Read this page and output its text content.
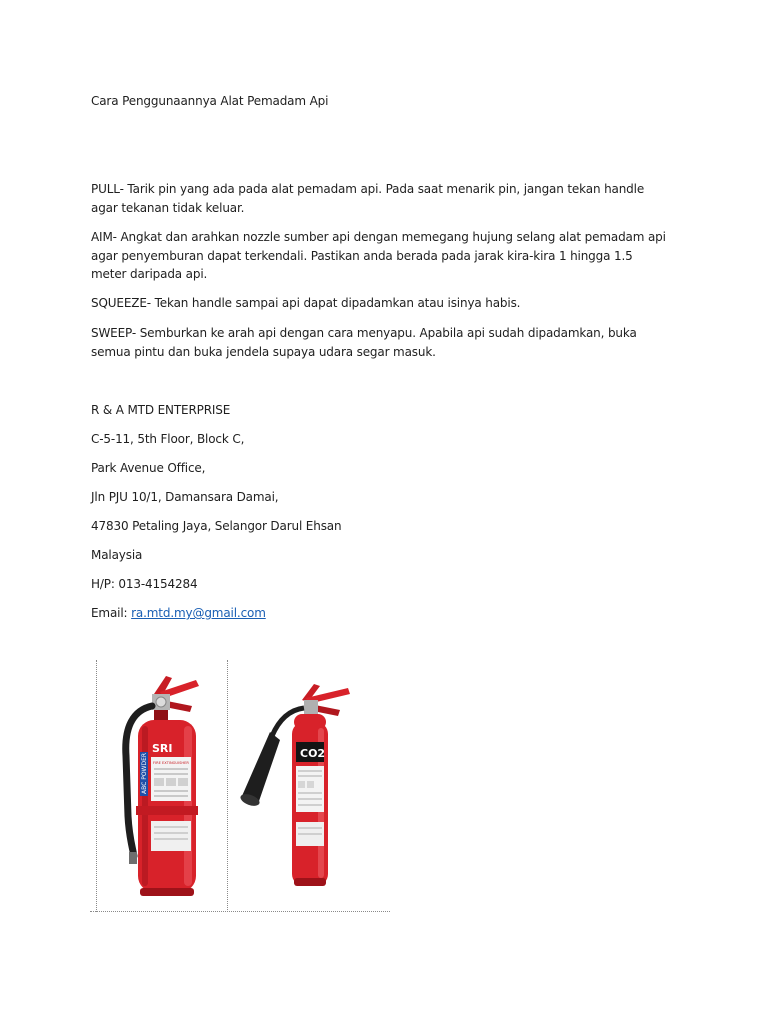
Cara Penggunaannya Alat Pemadam Api
PULL- Tarik pin yang ada pada alat pemadam api. Pada saat menarik pin, jangan tekan handle agar tekanan tidak keluar.
AIM- Angkat dan arahkan nozzle sumber api dengan memegang hujung selang alat pemadam api agar penyemburan dapat terkendali. Pastikan anda berada pada jarak kira-kira 1 hingga 1.5 meter daripada api.
SQUEEZE- Tekan handle sampai api dapat dipadamkan atau isinya habis.
SWEEP- Semburkan ke arah api dengan cara menyapu. Apabila api sudah dipadamkan, buka semua pintu dan buka jendela supaya udara segar masuk.
R & A MTD ENTERPRISE
C-5-11, 5th Floor, Block C,
Park Avenue Office,
Jln PJU 10/1, Damansara Damai,
47830 Petaling Jaya, Selangor Darul Ehsan
Malaysia
H/P: 013-4154284
Email: ra.mtd.my@gmail.com
ABC POWDER
SRI
FIRE EXTINGUISHER
CO2
